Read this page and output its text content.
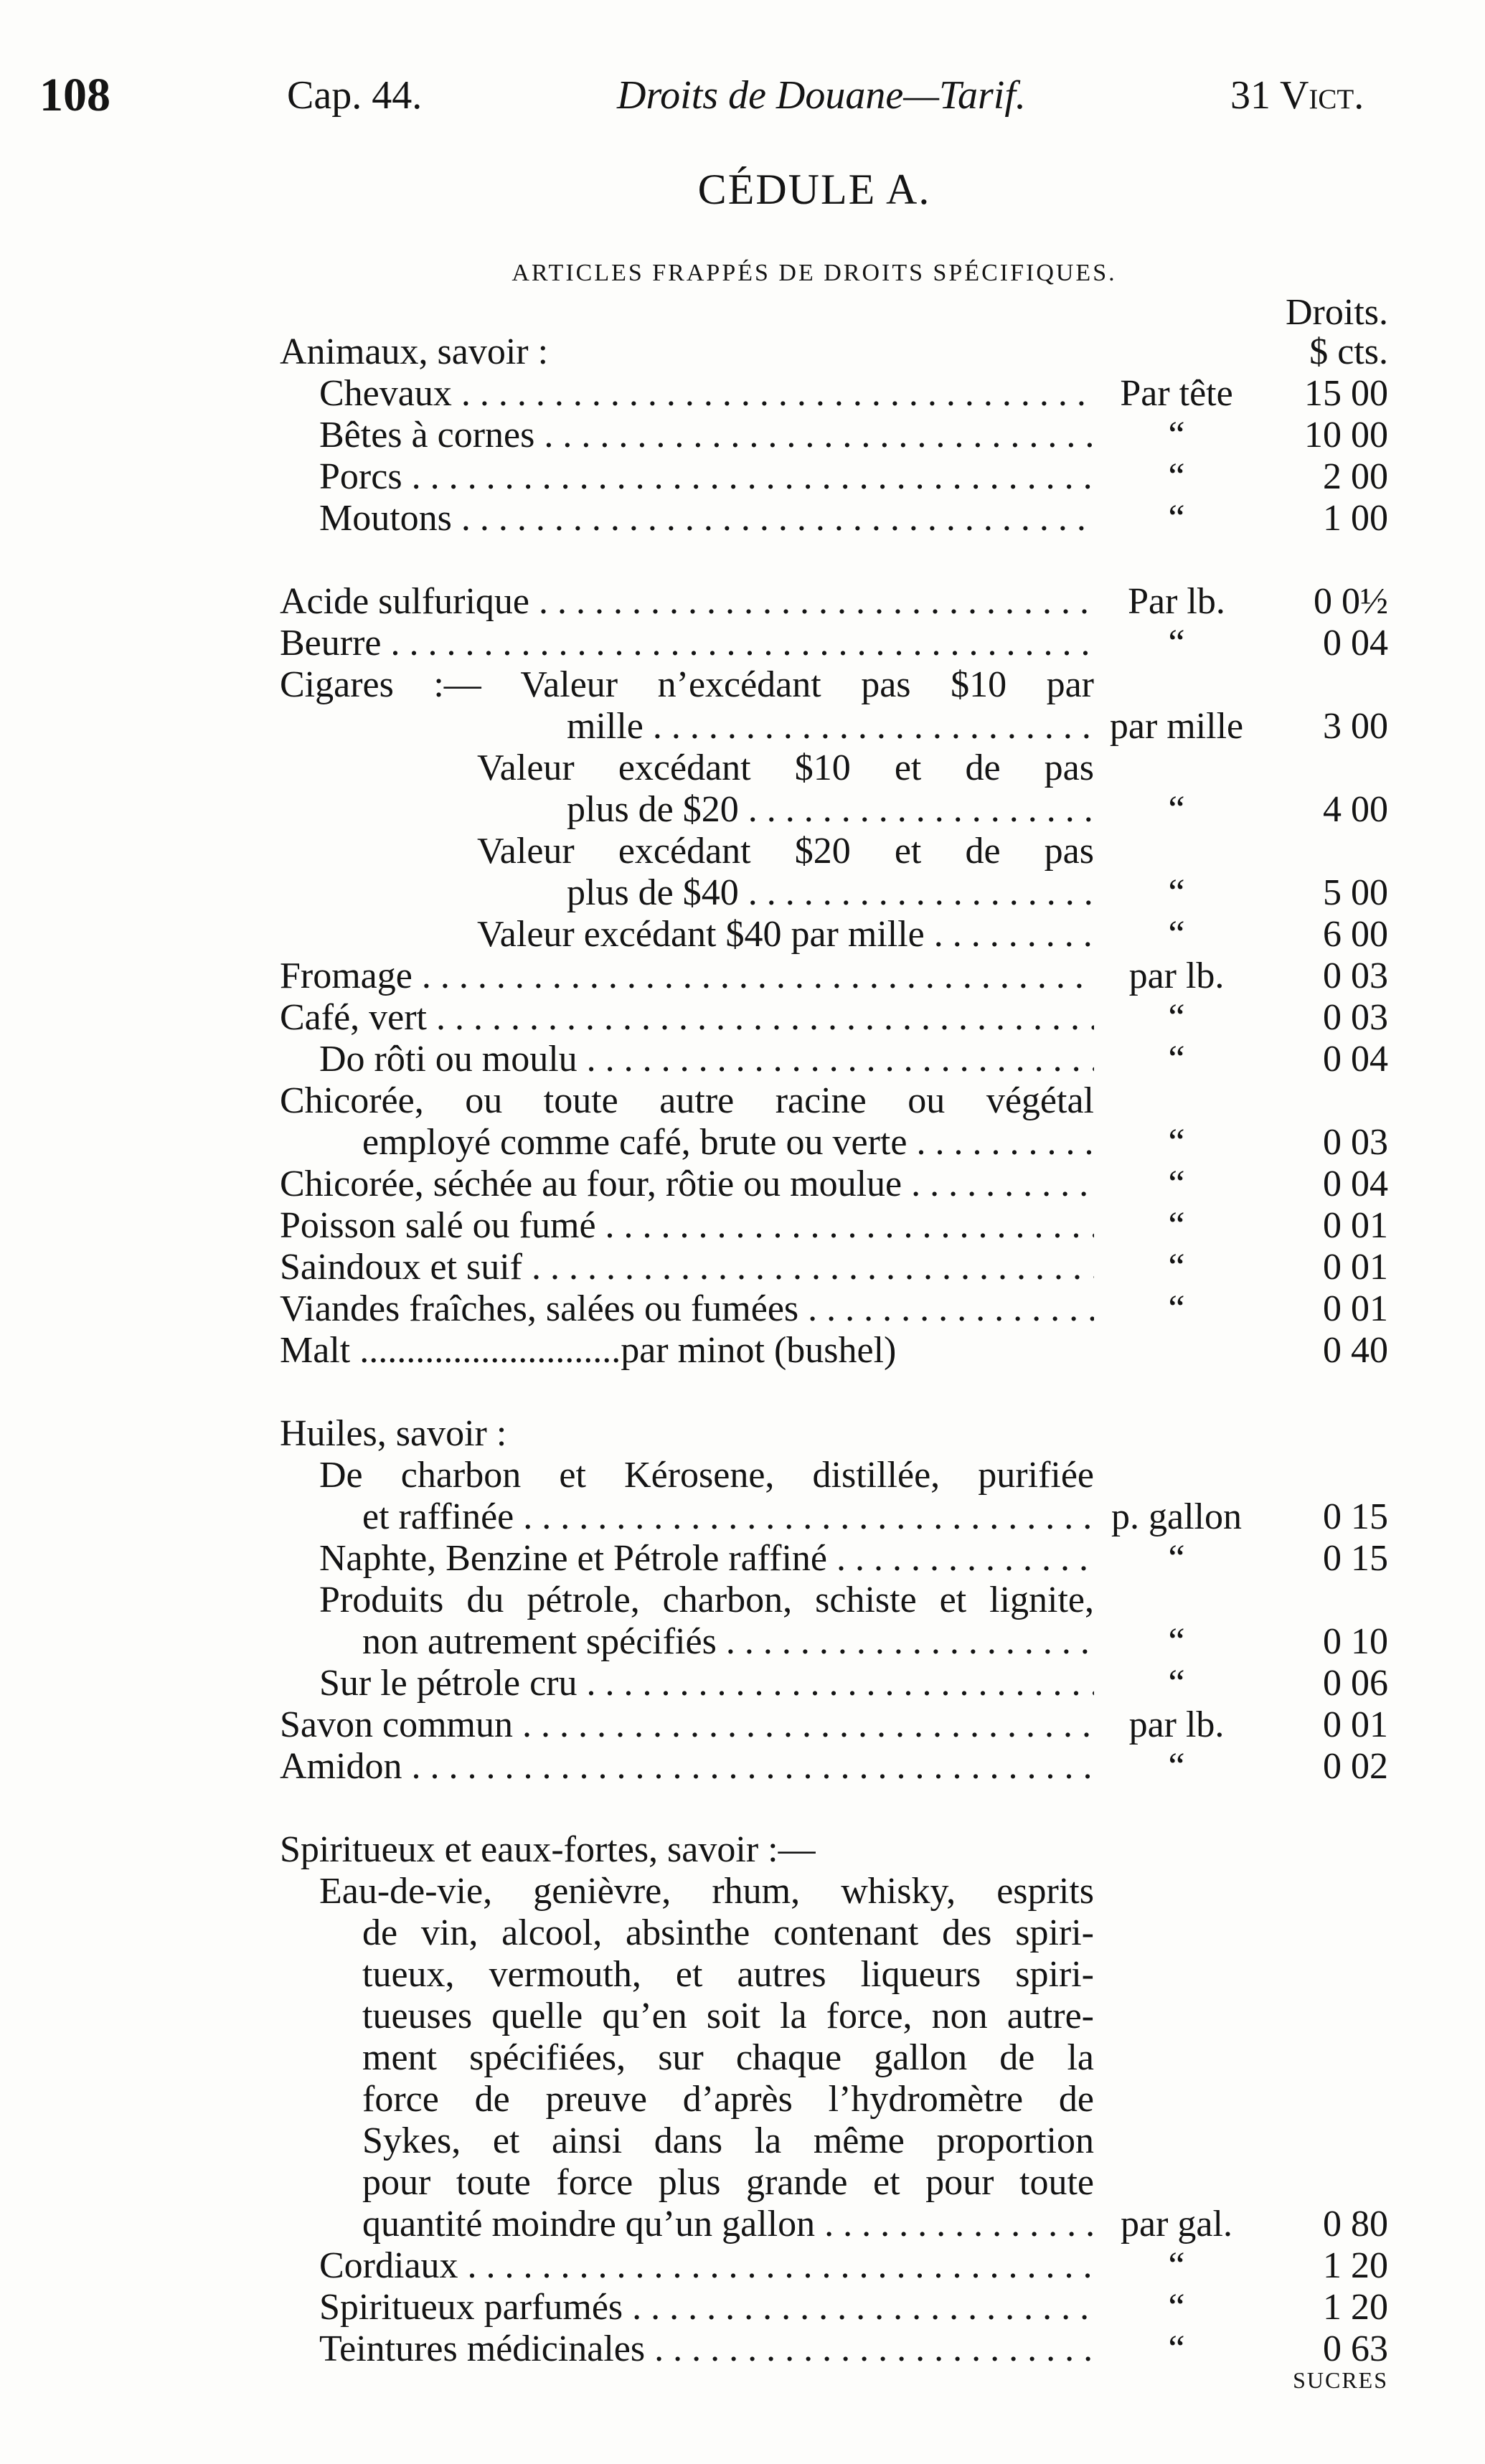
108	Cap. 44.	Droits de Douane—Tarif.	31 Vict.
CÉDULE A.
ARTICLES FRAPPÉS DE DROITS SPÉCIFIQUES.
Droits.
Animaux, savoir :	$ cts.
Chevaux . . .	Par tête	15 00
Bêtes à cornes . . .	“	10 00
Porcs . . .	“	2 00
Moutons . . .	“	1 00
Acide sulfurique . . .	Par lb.	0 0½
Beurre . . .	“	0 04
Cigares :— Valeur n’excédant pas $10 par
mille . . .	par mille	3 00
Valeur excédant $10 et de pas
plus de $20 . . .	“	4 00
Valeur excédant $20 et de pas
plus de $40 . . .	“	5 00
Valeur excédant $40 par mille . . .	“	6 00
Fromage . . .	par lb.	0 03
Café, vert . . .	“	0 03
Do rôti ou moulu . . .	“	0 04
Chicorée, ou toute autre racine ou végétal
employé comme café, brute ou verte . . .	“	0 03
Chicorée, séchée au four, rôtie ou moulue . . .	“	0 04
Poisson salé ou fumé . . .	“	0 01
Saindoux et suif . . .	“	0 01
Viandes fraîches, salées ou fumées . . .	“	0 01
Malt ............................par minot (bushel)	0 40
Huiles, savoir :
De charbon et Kérosene, distillée, purifiée
et raffinée . . .	p. gallon	0 15
Naphte, Benzine et Pétrole raffiné . . .	“	0 15
Produits du pétrole, charbon, schiste et lignite,
non autrement spécifiés . . .	“	0 10
Sur le pétrole cru . . .	“	0 06
Savon commun . . .	par lb.	0 01
Amidon . . .	“	0 02
Spiritueux et eaux-fortes, savoir :—
Eau-de-vie, genièvre, rhum, whisky, esprits
de vin, alcool, absinthe contenant des spiri-
tueux, vermouth, et autres liqueurs spiri-
tueuses quelle qu’en soit la force, non autre-
ment spécifiées, sur chaque gallon de la
force de preuve d’après l’hydromètre de
Sykes, et ainsi dans la même proportion
pour toute force plus grande et pour toute
quantité moindre qu’un gallon . . .	par gal.	0 80
Cordiaux . . .	“	1 20
Spiritueux parfumés . . .	“	1 20
Teintures médicinales . . .	“	0 63
SUCRES
